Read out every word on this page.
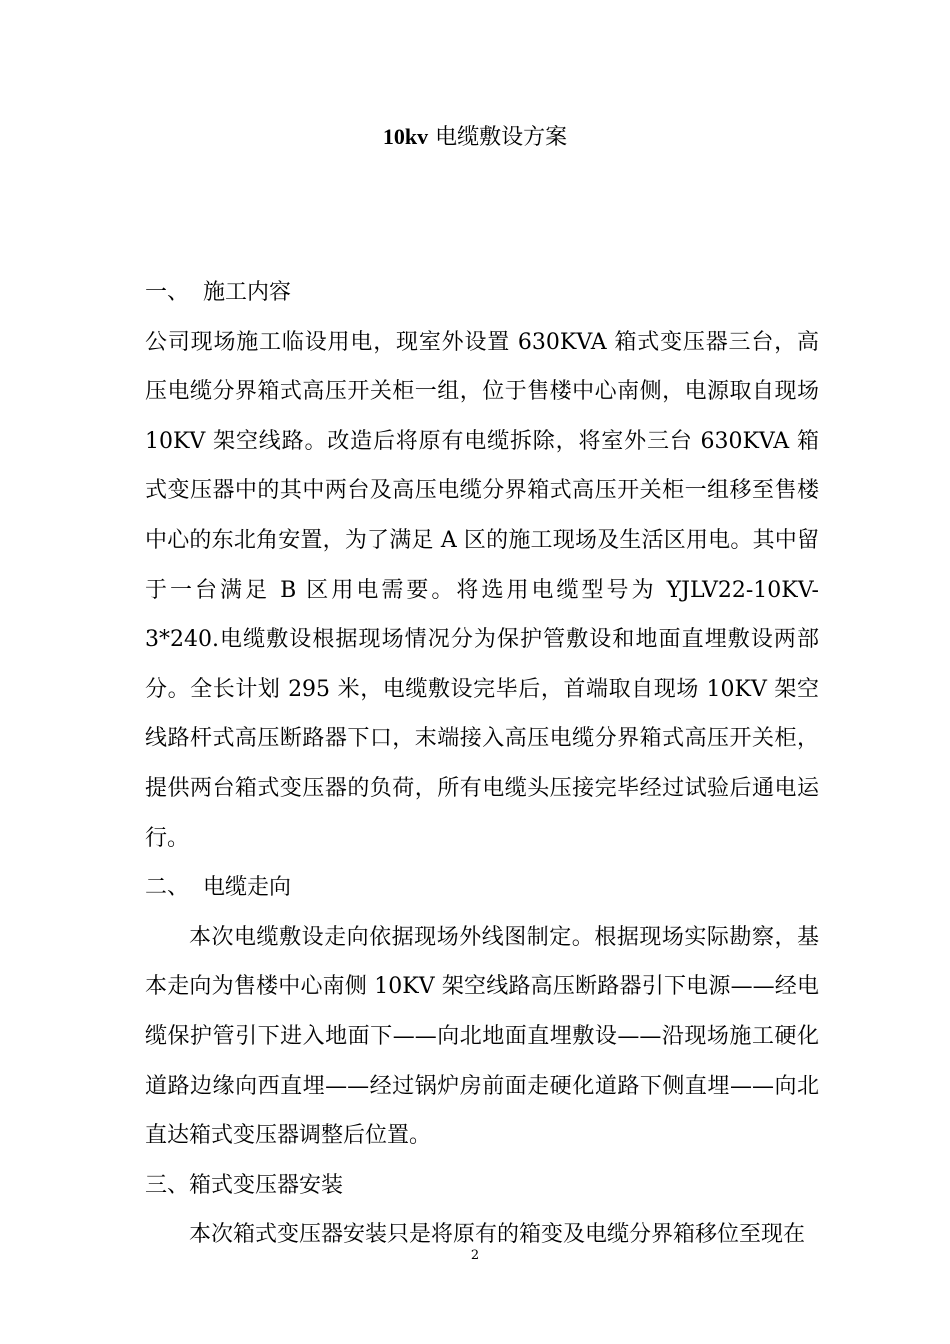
10kv 电缆敷设方案

一、 施工内容

公司现场施工临设用电，现室外设置 630KVA 箱式变压器三台，高压电缆分界箱式高压开关柜一组，位于售楼中心南侧，电源取自现场 10KV 架空线路。改造后将原有电缆拆除，将室外三台 630KVA 箱式变压器中的其中两台及高压电缆分界箱式高压开关柜一组移至售楼中心的东北角安置，为了满足 A 区的施工现场及生活区用电。其中留于一台满足 B 区用电需要。将选用电缆型号为 YJLV22-10KV-3*240.电缆敷设根据现场情况分为保护管敷设和地面直埋敷设两部分。全长计划 295 米，电缆敷设完毕后，首端取自现场 10KV 架空线路杆式高压断路器下口，末端接入高压电缆分界箱式高压开关柜，提供两台箱式变压器的负荷，所有电缆头压接完毕经过试验后通电运行。

二、 电缆走向

本次电缆敷设走向依据现场外线图制定。根据现场实际勘察，基本走向为售楼中心南侧 10KV 架空线路高压断路器引下电源——经电缆保护管引下进入地面下——向北地面直埋敷设——沿现场施工硬化道路边缘向西直埋——经过锅炉房前面走硬化道路下侧直埋——向北直达箱式变压器调整后位置。

三、箱式变压器安装

本次箱式变压器安装只是将原有的箱变及电缆分界箱移位至现在

2
